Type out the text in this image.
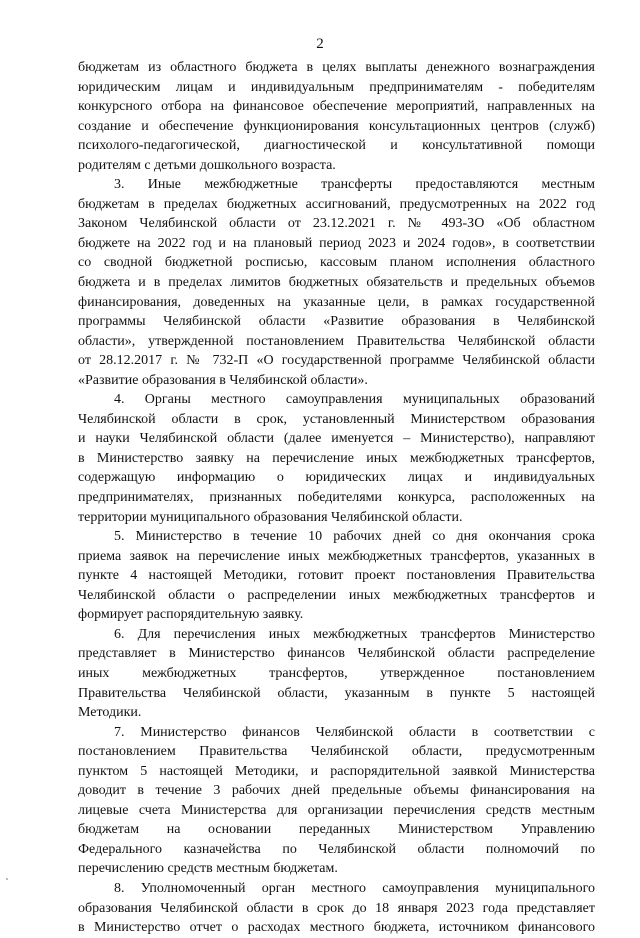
2
бюджетам из областного бюджета в целях выплаты денежного вознаграждения
юридическим лицам и индивидуальным предпринимателям - победителям
конкурсного отбора на финансовое обеспечение мероприятий, направленных на
создание и обеспечение функционирования консультационных центров (служб)
психолого-педагогической, диагностической и консультативной помощи
родителям с детьми дошкольного возраста.
3. Иные межбюджетные трансферты предоставляются местным
бюджетам в пределах бюджетных ассигнований, предусмотренных на 2022 год
Законом Челябинской области от 23.12.2021 г. № 493-ЗО «Об областном
бюджете на 2022 год и на плановый период 2023 и 2024 годов», в соответствии
со сводной бюджетной росписью, кассовым планом исполнения областного
бюджета и в пределах лимитов бюджетных обязательств и предельных объемов
финансирования, доведенных на указанные цели, в рамках государственной
программы Челябинской области «Развитие образования в Челябинской
области», утвержденной постановлением Правительства Челябинской области
от 28.12.2017 г. № 732-П «О государственной программе Челябинской области
«Развитие образования в Челябинской области».
4. Органы местного самоуправления муниципальных образований
Челябинской области в срок, установленный Министерством образования
и науки Челябинской области (далее именуется – Министерство), направляют
в Министерство заявку на перечисление иных межбюджетных трансфертов,
содержащую информацию о юридических лицах и индивидуальных
предпринимателях, признанных победителями конкурса, расположенных на
территории муниципального образования Челябинской области.
5. Министерство в течение 10 рабочих дней со дня окончания срока
приема заявок на перечисление иных межбюджетных трансфертов, указанных в
пункте 4 настоящей Методики, готовит проект постановления Правительства
Челябинской области о распределении иных межбюджетных трансфертов и
формирует распорядительную заявку.
6. Для перечисления иных межбюджетных трансфертов Министерство
представляет в Министерство финансов Челябинской области распределение
иных межбюджетных трансфертов, утвержденное постановлением
Правительства Челябинской области, указанным в пункте 5 настоящей
Методики.
7. Министерство финансов Челябинской области в соответствии с
постановлением Правительства Челябинской области, предусмотренным
пунктом 5 настоящей Методики, и распорядительной заявкой Министерства
доводит в течение 3 рабочих дней предельные объемы финансирования на
лицевые счета Министерства для организации перечисления средств местным
бюджетам на основании переданных Министерством Управлению
Федерального казначейства по Челябинской области полномочий по
перечислению средств местным бюджетам.
8. Уполномоченный орган местного самоуправления муниципального
образования Челябинской области в срок до 18 января 2023 года представляет
в Министерство отчет о расходах местного бюджета, источником финансового
